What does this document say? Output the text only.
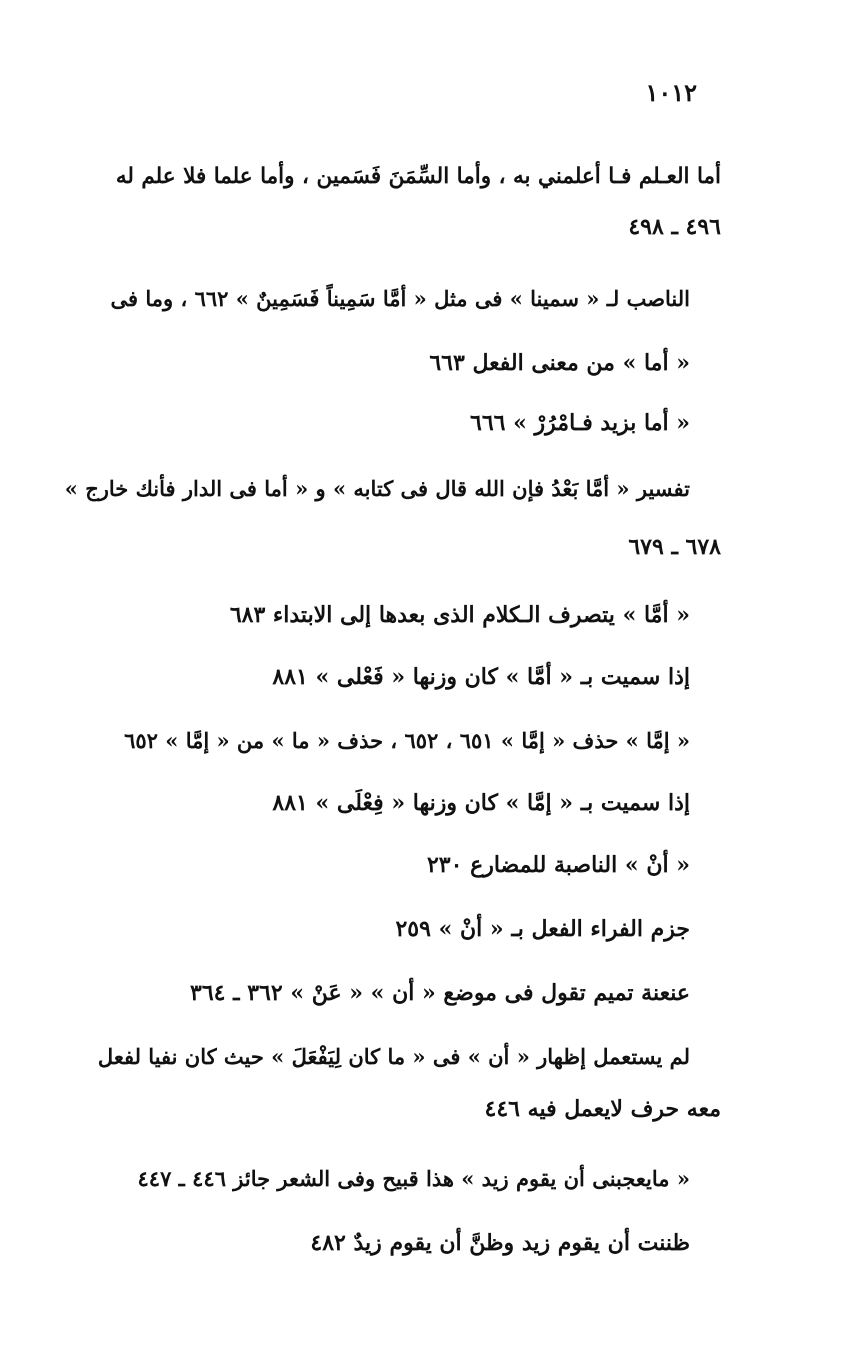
١٠١٢
أما العـلم فـا أعلمني به ، وأما السِّمَنَ فَسَمين ، وأما علما فلا علم له
٤٩٦ ـ ٤٩٨
الناصب لـ « سمينا » فى مثل « أمَّا سَمِيناً فَسَمِينٌ » ٦٦٢ ، وما فى
« أما » من معنى الفعل ٦٦٣
« أما بزيد فـامْرُرْ » ٦٦٦
تفسير « أمَّا بَعْدُ فإن الله قال فى كتابه » و « أما فى الدار فأنك خارج »
٦٧٨ ـ ٦٧٩
« أمَّا » يتصرف الـكلام الذى بعدها إلى الابتداء ٦٨٣
إذا سميت بـ « أمَّا » كان وزنها « فَعْلى » ٨٨١
« إمَّا » حذف « إمَّا » ٦٥١ ، ٦٥٢ ، حذف « ما » من « إمَّا » ٦٥٢
إذا سميت بـ « إمَّا » كان وزنها « فِعْلَى » ٨٨١
« أنْ » الناصبة للمضارع ٢٣٠
جزم الفراء الفعل بـ « أنْ » ٢٥٩
عنعنة تميم تقول فى موضع « أن » « عَنْ » ٣٦٢ ـ ٣٦٤
لم يستعمل إظهار « أن » فى « ما كان لِيَفْعَلَ » حيث كان نفيا لفعل
معه حرف لايعمل فيه ٤٤٦
« مايعجبنى أن يقوم زيد » هذا قبيح وفى الشعر جائز ٤٤٦ ـ ٤٤٧
ظننت أن يقوم زيد وظنَّ أن يقوم زيدٌ ٤٨٢
